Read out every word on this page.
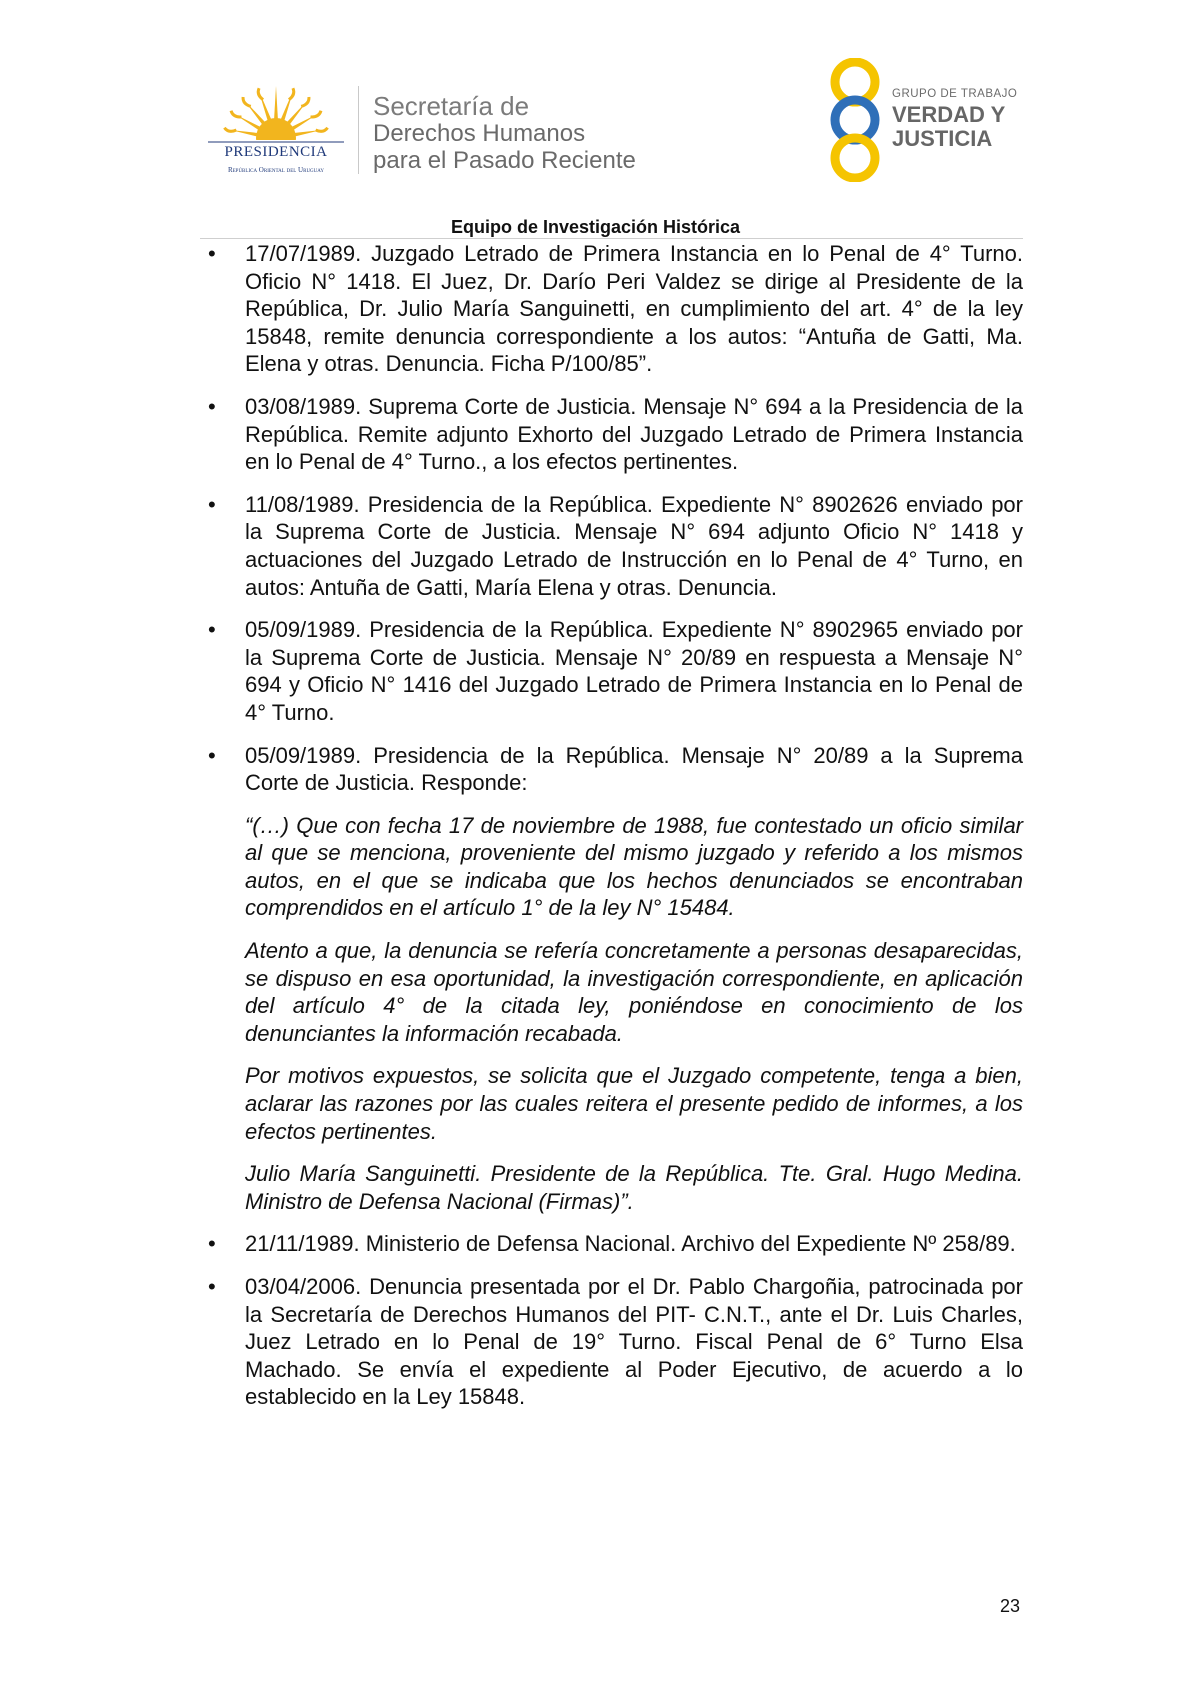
PRESIDENCIA
República Oriental del Uruguay
Secretaría de
Derechos Humanos
para el Pasado Reciente
GRUPO DE TRABAJO
VERDAD Y
JUSTICIA
Equipo de Investigación Histórica
• 17/07/1989. Juzgado Letrado de Primera Instancia en lo Penal de 4° Turno. Oficio N° 1418. El Juez, Dr. Darío Peri Valdez se dirige al Presidente de la República, Dr. Julio María Sanguinetti, en cumplimiento del art. 4° de la ley 15848, remite denuncia correspondiente a los autos: “Antuña de Gatti, Ma. Elena y otras. Denuncia. Ficha P/100/85”.
• 03/08/1989. Suprema Corte de Justicia. Mensaje N° 694 a la Presidencia de la República. Remite adjunto Exhorto del Juzgado Letrado de Primera Instancia en lo Penal de 4° Turno., a los efectos pertinentes.
• 11/08/1989. Presidencia de la República. Expediente N° 8902626 enviado por la Suprema Corte de Justicia. Mensaje N° 694 adjunto Oficio N° 1418 y actuaciones del Juzgado Letrado de Instrucción en lo Penal de 4° Turno, en autos: Antuña de Gatti, María Elena y otras. Denuncia.
• 05/09/1989. Presidencia de la República. Expediente N° 8902965 enviado por la Suprema Corte de Justicia. Mensaje N° 20/89 en respuesta a Mensaje N° 694 y Oficio N° 1416 del Juzgado Letrado de Primera Instancia en lo Penal de 4° Turno.
• 05/09/1989. Presidencia de la República. Mensaje N° 20/89 a la Suprema Corte de Justicia. Responde:
“(…) Que con fecha 17 de noviembre de 1988, fue contestado un oficio similar al que se menciona, proveniente del mismo juzgado y referido a los mismos autos, en el que se indicaba que los hechos denunciados se encontraban comprendidos en el artículo 1° de la ley N° 15484.
Atento a que, la denuncia se refería concretamente a personas desaparecidas, se dispuso en esa oportunidad, la investigación correspondiente, en aplicación del artículo 4° de la citada ley, poniéndose en conocimiento de los denunciantes la información recabada.
Por motivos expuestos, se solicita que el Juzgado competente, tenga a bien, aclarar las razones por las cuales reitera el presente pedido de informes, a los efectos pertinentes.
Julio María Sanguinetti. Presidente de la República. Tte. Gral. Hugo Medina. Ministro de Defensa Nacional (Firmas)”.
• 21/11/1989. Ministerio de Defensa Nacional. Archivo del Expediente Nº 258/89.
• 03/04/2006. Denuncia presentada por el Dr. Pablo Chargoñia, patrocinada por la Secretaría de Derechos Humanos del PIT- C.N.T., ante el Dr. Luis Charles, Juez Letrado en lo Penal de 19° Turno. Fiscal Penal de 6° Turno Elsa Machado. Se envía el expediente al Poder Ejecutivo, de acuerdo a lo establecido en la Ley 15848.
23
